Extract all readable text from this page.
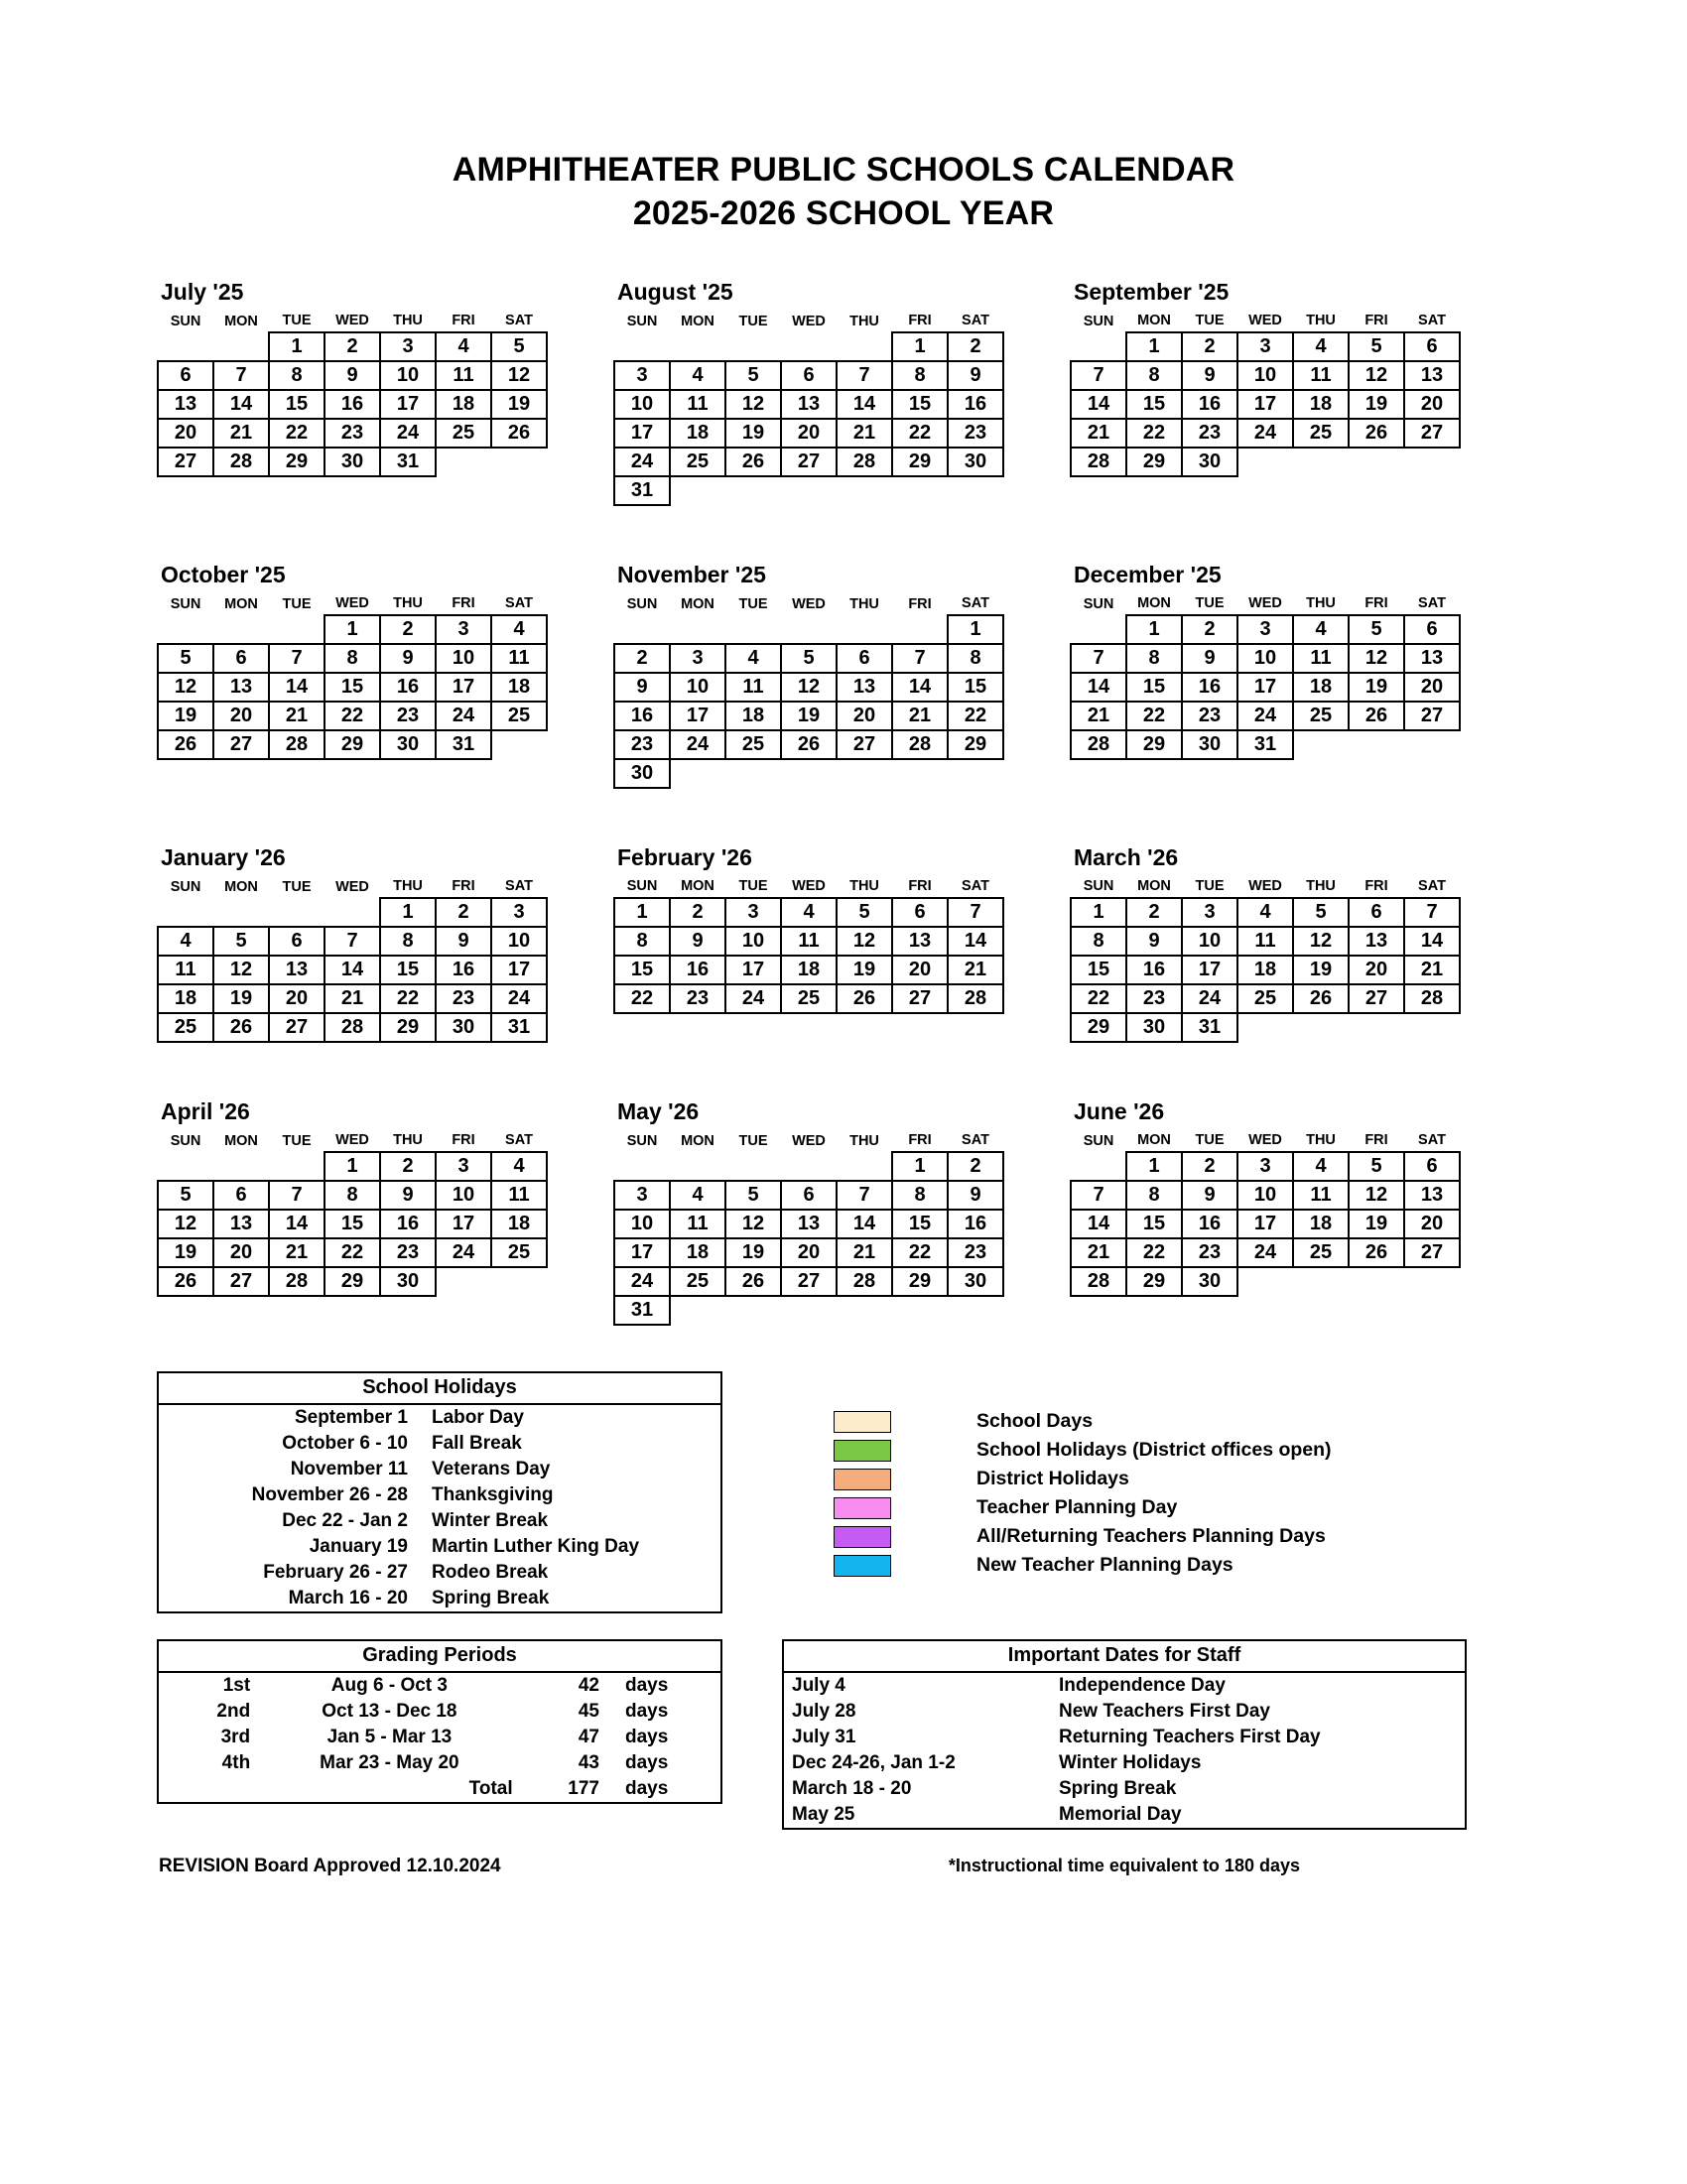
AMPHITHEATER PUBLIC SCHOOLS CALENDAR
2025-2026 SCHOOL YEAR
July '25
SUN	MON	TUE	WED	THU	FRI	SAT
		1	2	3	4	5
6	7	8	9	10	11	12
13	14	15	16	17	18	19
20	21	22	23	24	25	26
27	28	29	30	31		
August '25
SUN	MON	TUE	WED	THU	FRI	SAT
					1	2
3	4	5	6	7	8	9
10	11	12	13	14	15	16
17	18	19	20	21	22	23
24	25	26	27	28	29	30
31						
September '25
SUN	MON	TUE	WED	THU	FRI	SAT
	1	2	3	4	5	6
7	8	9	10	11	12	13
14	15	16	17	18	19	20
21	22	23	24	25	26	27
28	29	30				
October '25
SUN	MON	TUE	WED	THU	FRI	SAT
			1	2	3	4
5	6	7	8	9	10	11
12	13	14	15	16	17	18
19	20	21	22	23	24	25
26	27	28	29	30	31	
November '25
SUN	MON	TUE	WED	THU	FRI	SAT
						1
2	3	4	5	6	7	8
9	10	11	12	13	14	15
16	17	18	19	20	21	22
23	24	25	26	27	28	29
30						
December '25
SUN	MON	TUE	WED	THU	FRI	SAT
	1	2	3	4	5	6
7	8	9	10	11	12	13
14	15	16	17	18	19	20
21	22	23	24	25	26	27
28	29	30	31			
January '26
SUN	MON	TUE	WED	THU	FRI	SAT
				1	2	3
4	5	6	7	8	9	10
11	12	13	14	15	16	17
18	19	20	21	22	23	24
25	26	27	28	29	30	31
February '26
SUN	MON	TUE	WED	THU	FRI	SAT
1	2	3	4	5	6	7
8	9	10	11	12	13	14
15	16	17	18	19	20	21
22	23	24	25	26	27	28
March '26
SUN	MON	TUE	WED	THU	FRI	SAT
1	2	3	4	5	6	7
8	9	10	11	12	13	14
15	16	17	18	19	20	21
22	23	24	25	26	27	28
29	30	31				
April '26
SUN	MON	TUE	WED	THU	FRI	SAT
			1	2	3	4
5	6	7	8	9	10	11
12	13	14	15	16	17	18
19	20	21	22	23	24	25
26	27	28	29	30		
May '26
SUN	MON	TUE	WED	THU	FRI	SAT
					1	2
3	4	5	6	7	8	9
10	11	12	13	14	15	16
17	18	19	20	21	22	23
24	25	26	27	28	29	30
31						
June '26
SUN	MON	TUE	WED	THU	FRI	SAT
	1	2	3	4	5	6
7	8	9	10	11	12	13
14	15	16	17	18	19	20
21	22	23	24	25	26	27
28	29	30				
School Holidays	
September 1	Labor Day
October 6 - 10	Fall Break
November 11	Veterans Day
November 26 - 28	Thanksgiving
Dec 22 - Jan 2	Winter Break
January 19	Martin Luther King Day
February 26 - 27	Rodeo Break
March 16 - 20	Spring Break
School Days
School Holidays (District offices open)
District Holidays
Teacher Planning Day
All/Returning Teachers Planning Days
New Teacher Planning Days
Grading Periods			
1st	Aug 6 - Oct 3	42	days
2nd	Oct 13 - Dec 18	45	days
3rd	Jan 5 - Mar 13	47	days
4th	Mar 23 - May 20	43	days
	Total	177	days
Important Dates for Staff	
July 4	Independence Day
July 28	New Teachers First Day
July 31	Returning Teachers First Day
Dec 24-26, Jan 1-2	Winter Holidays
March 18 - 20	Spring Break
May 25	Memorial Day
REVISION Board Approved 12.10.2024	*Instructional time equivalent to 180 days
